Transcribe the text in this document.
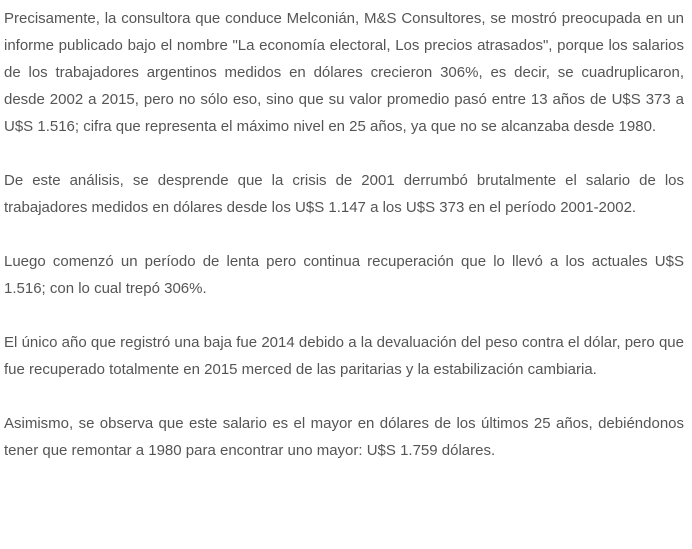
Precisamente, la consultora que conduce Melconián, M&S Consultores, se mostró preocupada en un informe publicado bajo el nombre "La economía electoral, Los precios atrasados", porque los salarios de los trabajadores argentinos medidos en dólares crecieron 306%, es decir, se cuadruplicaron, desde 2002 a 2015, pero no sólo eso, sino que su valor promedio pasó entre 13 años de U$S 373 a U$S 1.516; cifra que representa el máximo nivel en 25 años, ya que no se alcanzaba desde 1980.

De este análisis, se desprende que la crisis de 2001 derrumbó brutalmente el salario de los trabajadores medidos en dólares desde los U$S 1.147 a los U$S 373 en el período 2001-2002.

Luego comenzó un período de lenta pero continua recuperación que lo llevó a los actuales U$S 1.516; con lo cual trepó 306%.

El único año que registró una baja fue 2014 debido a la devaluación del peso contra el dólar, pero que fue recuperado totalmente en 2015 merced de las paritarias y la estabilización cambiaria.

Asimismo, se observa que este salario es el mayor en dólares de los últimos 25 años, debiéndonos tener que remontar a 1980 para encontrar uno mayor: U$S 1.759 dólares.
